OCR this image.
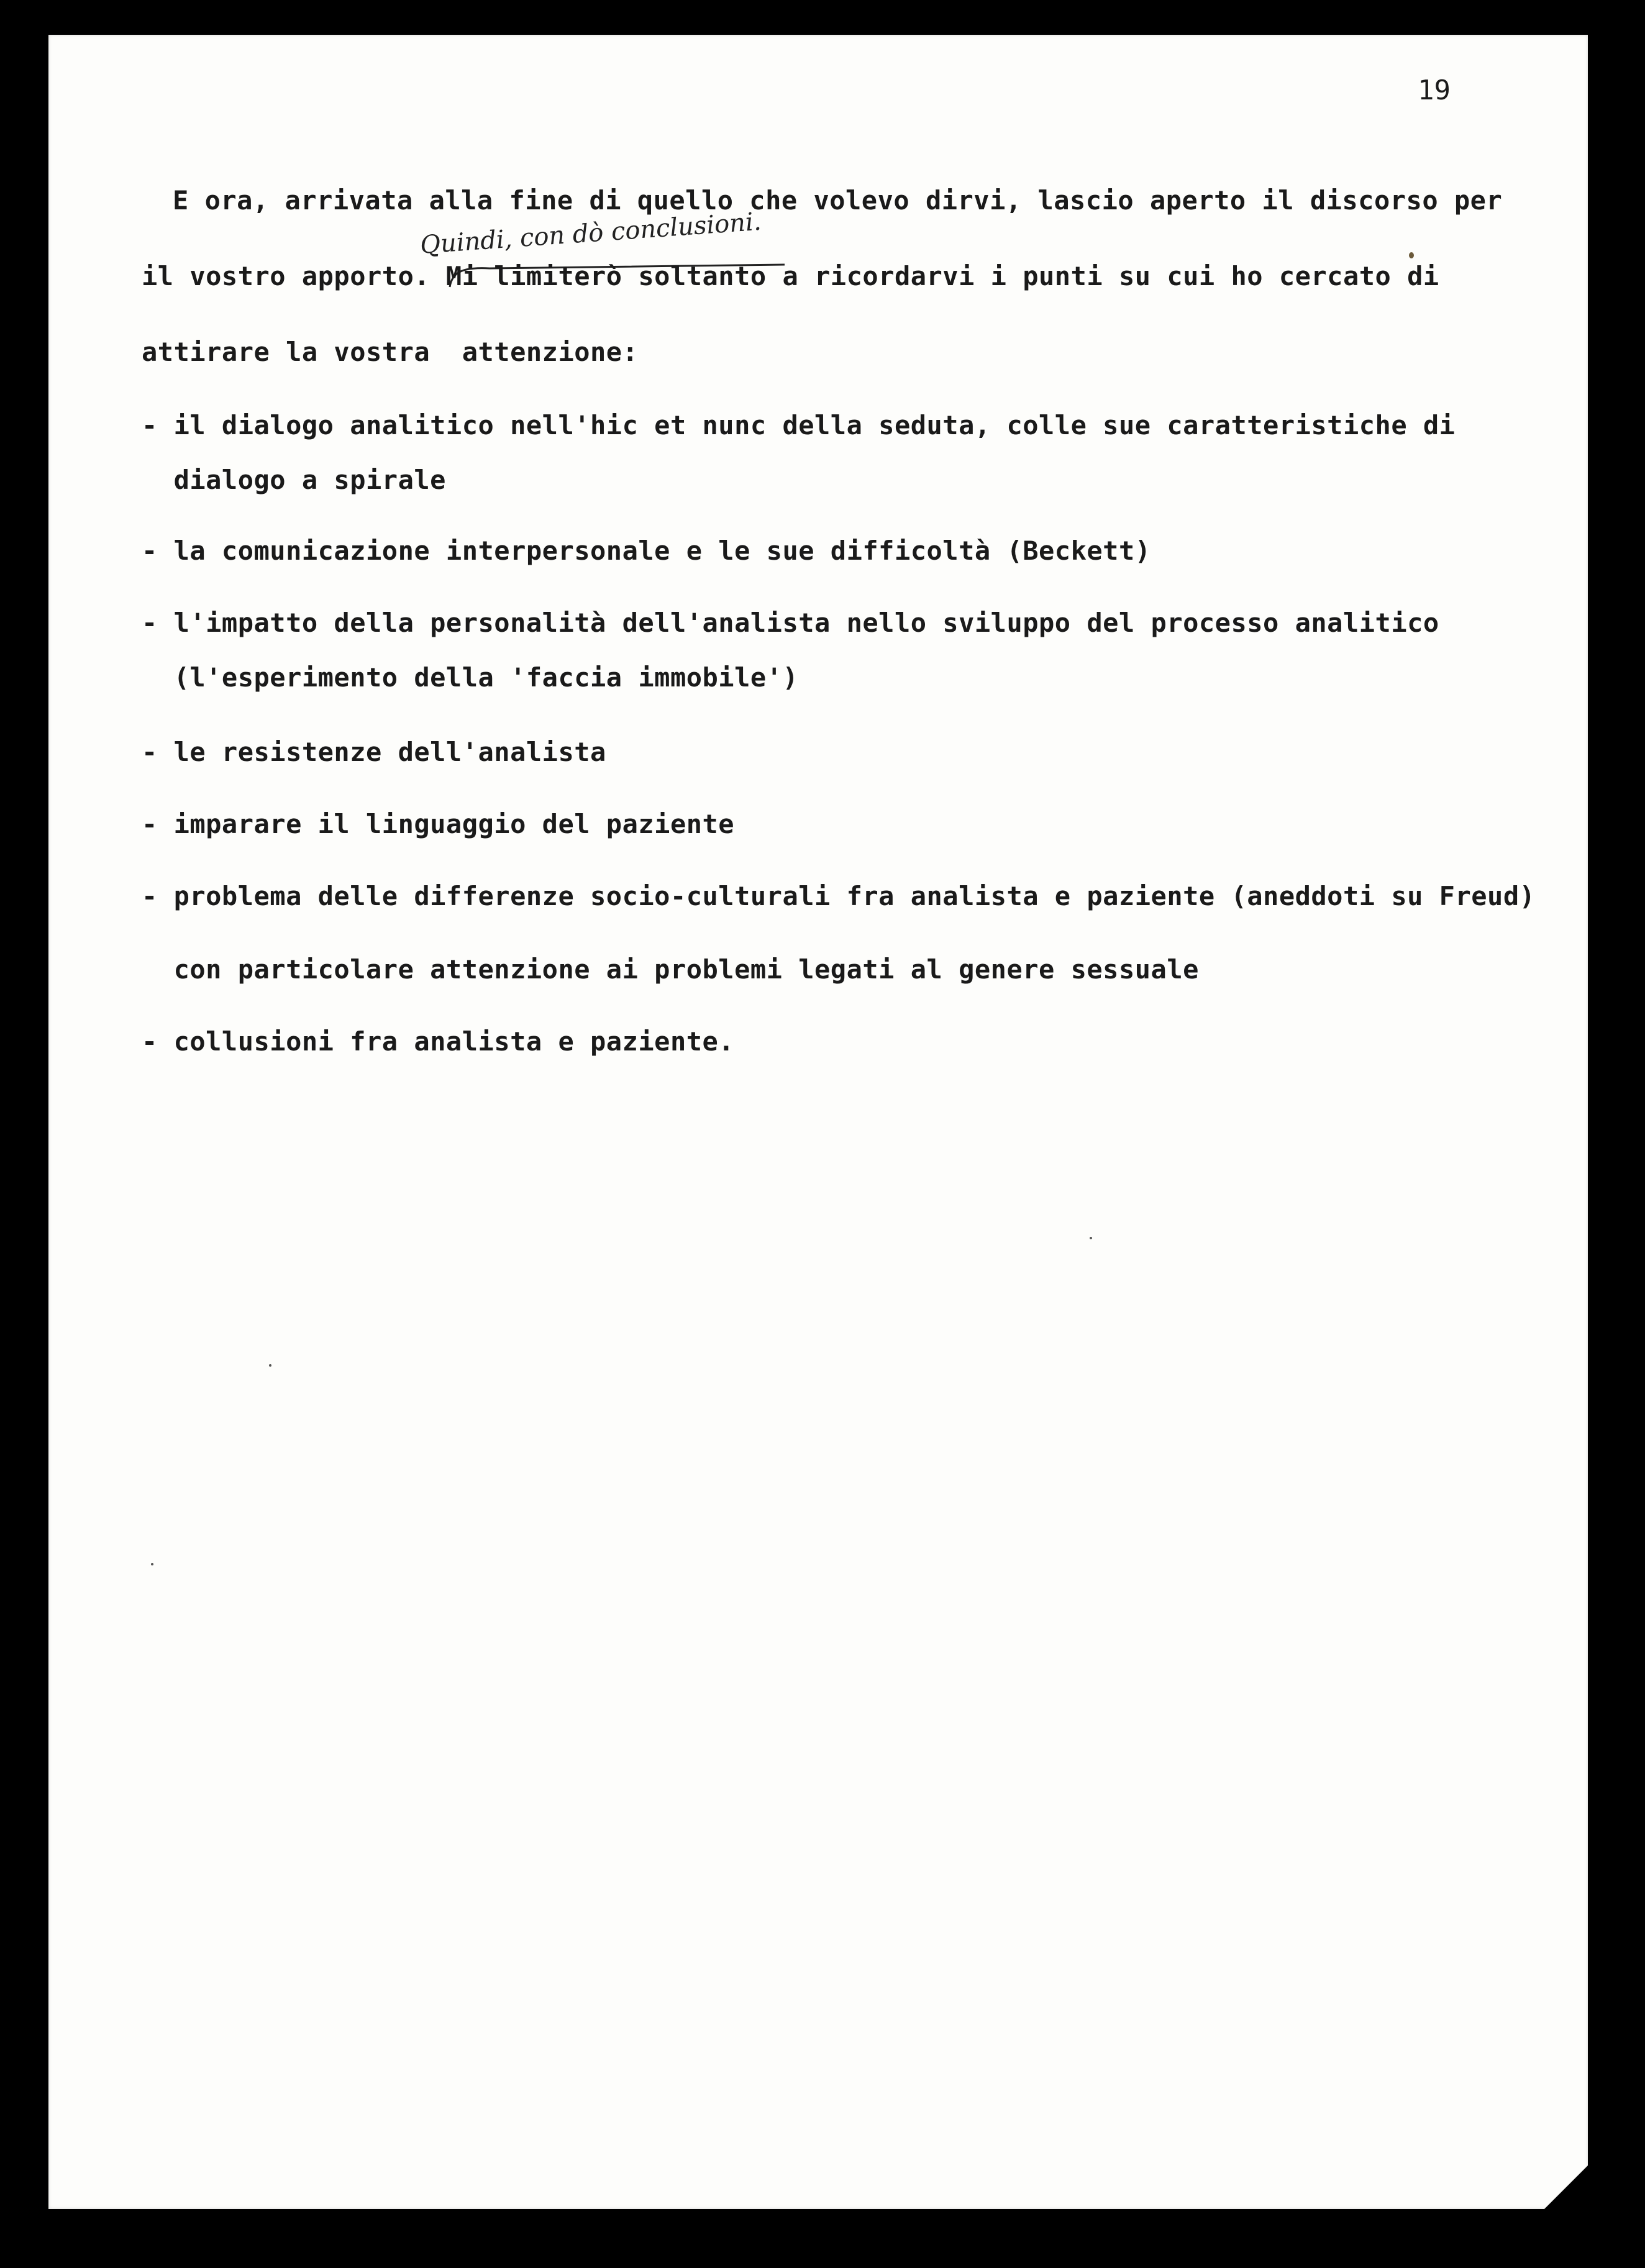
19
Quindi, con dò conclusioni.
E ora, arrivata alla fine di quello che volevo dirvi, lascio aperto il discorso per
il vostro apporto. Mi limiterò soltanto a ricordarvi i punti su cui ho cercato di
attirare la vostra  attenzione:
- il dialogo analitico nell'hic et nunc della seduta, colle sue caratteristiche di
dialogo a spirale
- la comunicazione interpersonale e le sue difficoltà (Beckett)
- l'impatto della personalità dell'analista nello sviluppo del processo analitico
(l'esperimento della 'faccia immobile')
- le resistenze dell'analista
- imparare il linguaggio del paziente
- problema delle differenze socio-culturali fra analista e paziente (aneddoti su Freud)
con particolare attenzione ai problemi legati al genere sessuale
- collusioni fra analista e paziente.
